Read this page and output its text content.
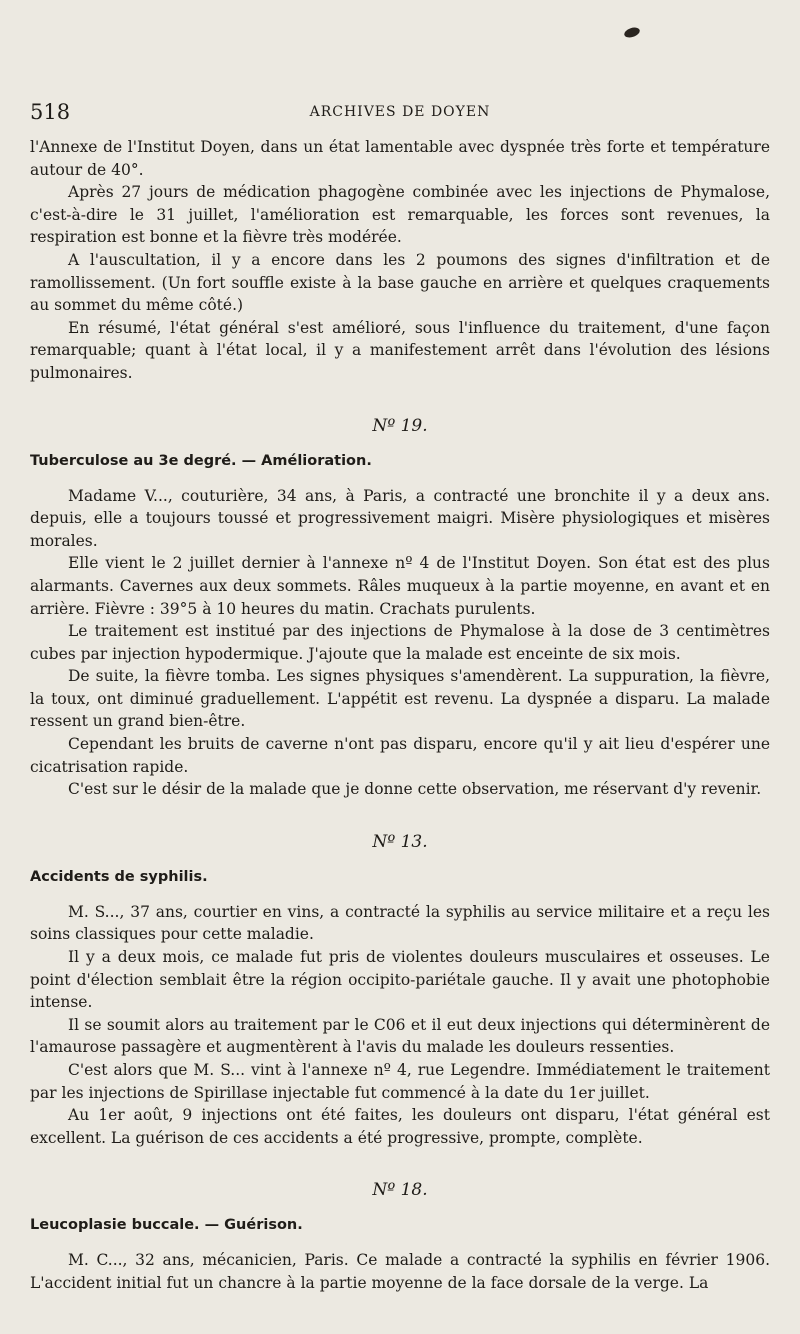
518	ARCHIVES DE DOYEN

l'Annexe de l'Institut Doyen, dans un état lamentable avec dyspnée très forte et température autour de 40°.

Après 27 jours de médication phagogène combinée avec les injections de Phymalose, c'est-à-dire le 31 juillet, l'amélioration est remarquable, les forces sont revenues, la respiration est bonne et la fièvre très modérée.

A l'auscultation, il y a encore dans les 2 poumons des signes d'infiltration et de ramollissement. (Un fort souffle existe à la base gauche en arrière et quelques craquements au sommet du même côté.)

En résumé, l'état général s'est amélioré, sous l'influence du traitement, d'une façon remarquable; quant à l'état local, il y a manifestement arrêt dans l'évolution des lésions pulmonaires.

Nº 19.
Tuberculose au 3e degré. — Amélioration.

Madame V..., couturière, 34 ans, à Paris, a contracté une bronchite il y a deux ans. depuis, elle a toujours toussé et progressivement maigri. Misère physiologiques et misères morales.

Elle vient le 2 juillet dernier à l'annexe nº 4 de l'Institut Doyen. Son état est des plus alarmants. Cavernes aux deux sommets. Râles muqueux à la partie moyenne, en avant et en arrière. Fièvre : 39°5 à 10 heures du matin. Crachats purulents.

Le traitement est institué par des injections de Phymalose à la dose de 3 centimètres cubes par injection hypodermique. J'ajoute que la malade est enceinte de six mois.

De suite, la fièvre tomba. Les signes physiques s'amendèrent. La suppuration, la fièvre, la toux, ont diminué graduellement. L'appétit est revenu. La dyspnée a disparu. La malade ressent un grand bien-être.

Cependant les bruits de caverne n'ont pas disparu, encore qu'il y ait lieu d'espérer une cicatrisation rapide.

C'est sur le désir de la malade que je donne cette observation, me réservant d'y revenir.

Nº 13.
Accidents de syphilis.

M. S..., 37 ans, courtier en vins, a contracté la syphilis au service militaire et a reçu les soins classiques pour cette maladie.

Il y a deux mois, ce malade fut pris de violentes douleurs musculaires et osseuses. Le point d'élection semblait être la région occipito-pariétale gauche. Il y avait une photophobie intense.

Il se soumit alors au traitement par le C06 et il eut deux injections qui déterminèrent de l'amaurose passagère et augmentèrent à l'avis du malade les douleurs ressenties.

C'est alors que M. S... vint à l'annexe nº 4, rue Legendre. Immédiatement le traitement par les injections de Spirillase injectable fut commencé à la date du 1er juillet.

Au 1er août, 9 injections ont été faites, les douleurs ont disparu, l'état général est excellent. La guérison de ces accidents a été progressive, prompte, complète.

Nº 18.
Leucoplasie buccale. — Guérison.

M. C..., 32 ans, mécanicien, Paris. Ce malade a contracté la syphilis en février 1906. L'accident initial fut un chancre à la partie moyenne de la face dorsale de la verge. La
